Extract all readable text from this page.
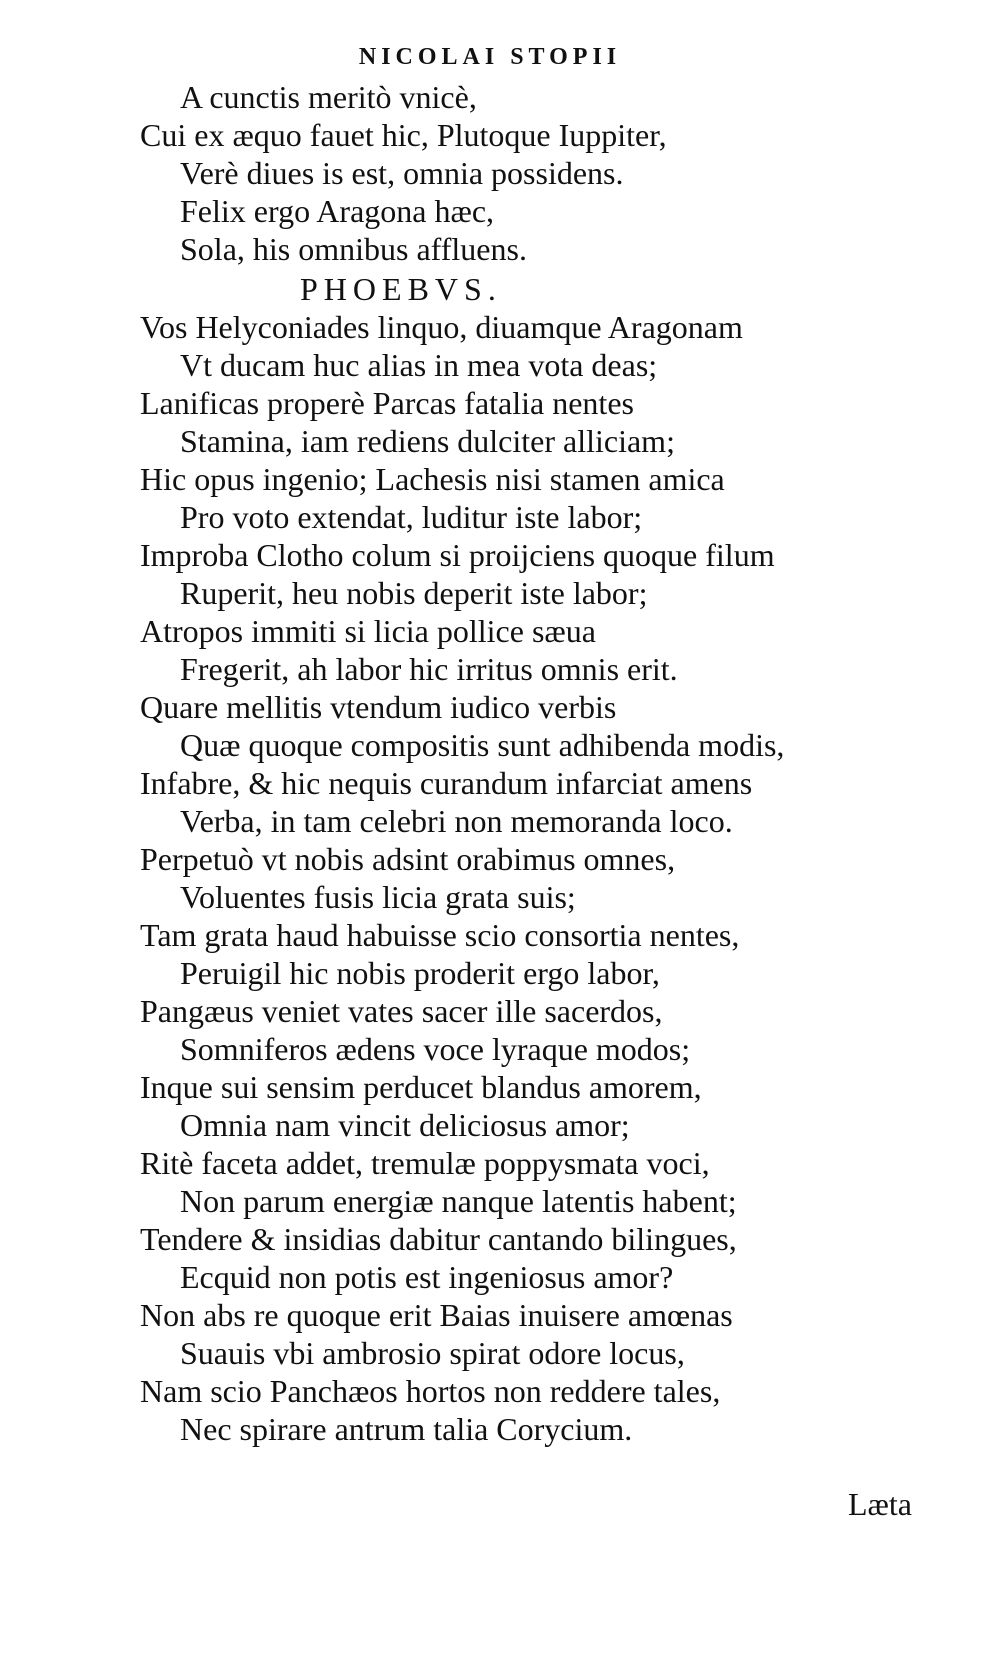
NICOLAI STOPII
A cunctis meritò vnicè,
Cui ex æquo fauet hic, Plutoque Iuppiter,
Verè diues is est, omnia possidens.
Felix ergo Aragona hæc,
Sola, his omnibus affluens.
PHOEBVS.
Vos Helyconiades linquo, diuamque Aragonam
Vt ducam huc alias in mea vota deas;
Lanificas properè Parcas fatalia nentes
Stamina, iam rediens dulciter alliciam;
Hic opus ingenio; Lachesis nisi stamen amica
Pro voto extendat, luditur iste labor;
Improba Clotho colum si proijciens quoque filum
Ruperit, heu nobis deperit iste labor;
Atropos immiti si licia pollice sæua
Fregerit, ah labor hic irritus omnis erit.
Quare mellitis vtendum iudico verbis
Quæ quoque compositis sunt adhibenda modis,
Infabre, & hic nequis curandum infarciat amens
Verba, in tam celebri non memoranda loco.
Perpetuò vt nobis adsint orabimus omnes,
Voluentes fusis licia grata suis;
Tam grata haud habuisse scio consortia nentes,
Peruigil hic nobis proderit ergo labor,
Pangæus veniet vates sacer ille sacerdos,
Somniferos ædens voce lyraque modos;
Inque sui sensim perducet blandus amorem,
Omnia nam vincit deliciosus amor;
Ritè faceta addet, tremulæ poppysmata voci,
Non parum energiæ nanque latentis habent;
Tendere & insidias dabitur cantando bilingues,
Ecquid non potis est ingeniosus amor?
Non abs re quoque erit Baias inuisere amœnas
Suauis vbi ambrosio spirat odore locus,
Nam scio Panchæos hortos non reddere tales,
Nec spirare antrum talia Corycium.
Læta
